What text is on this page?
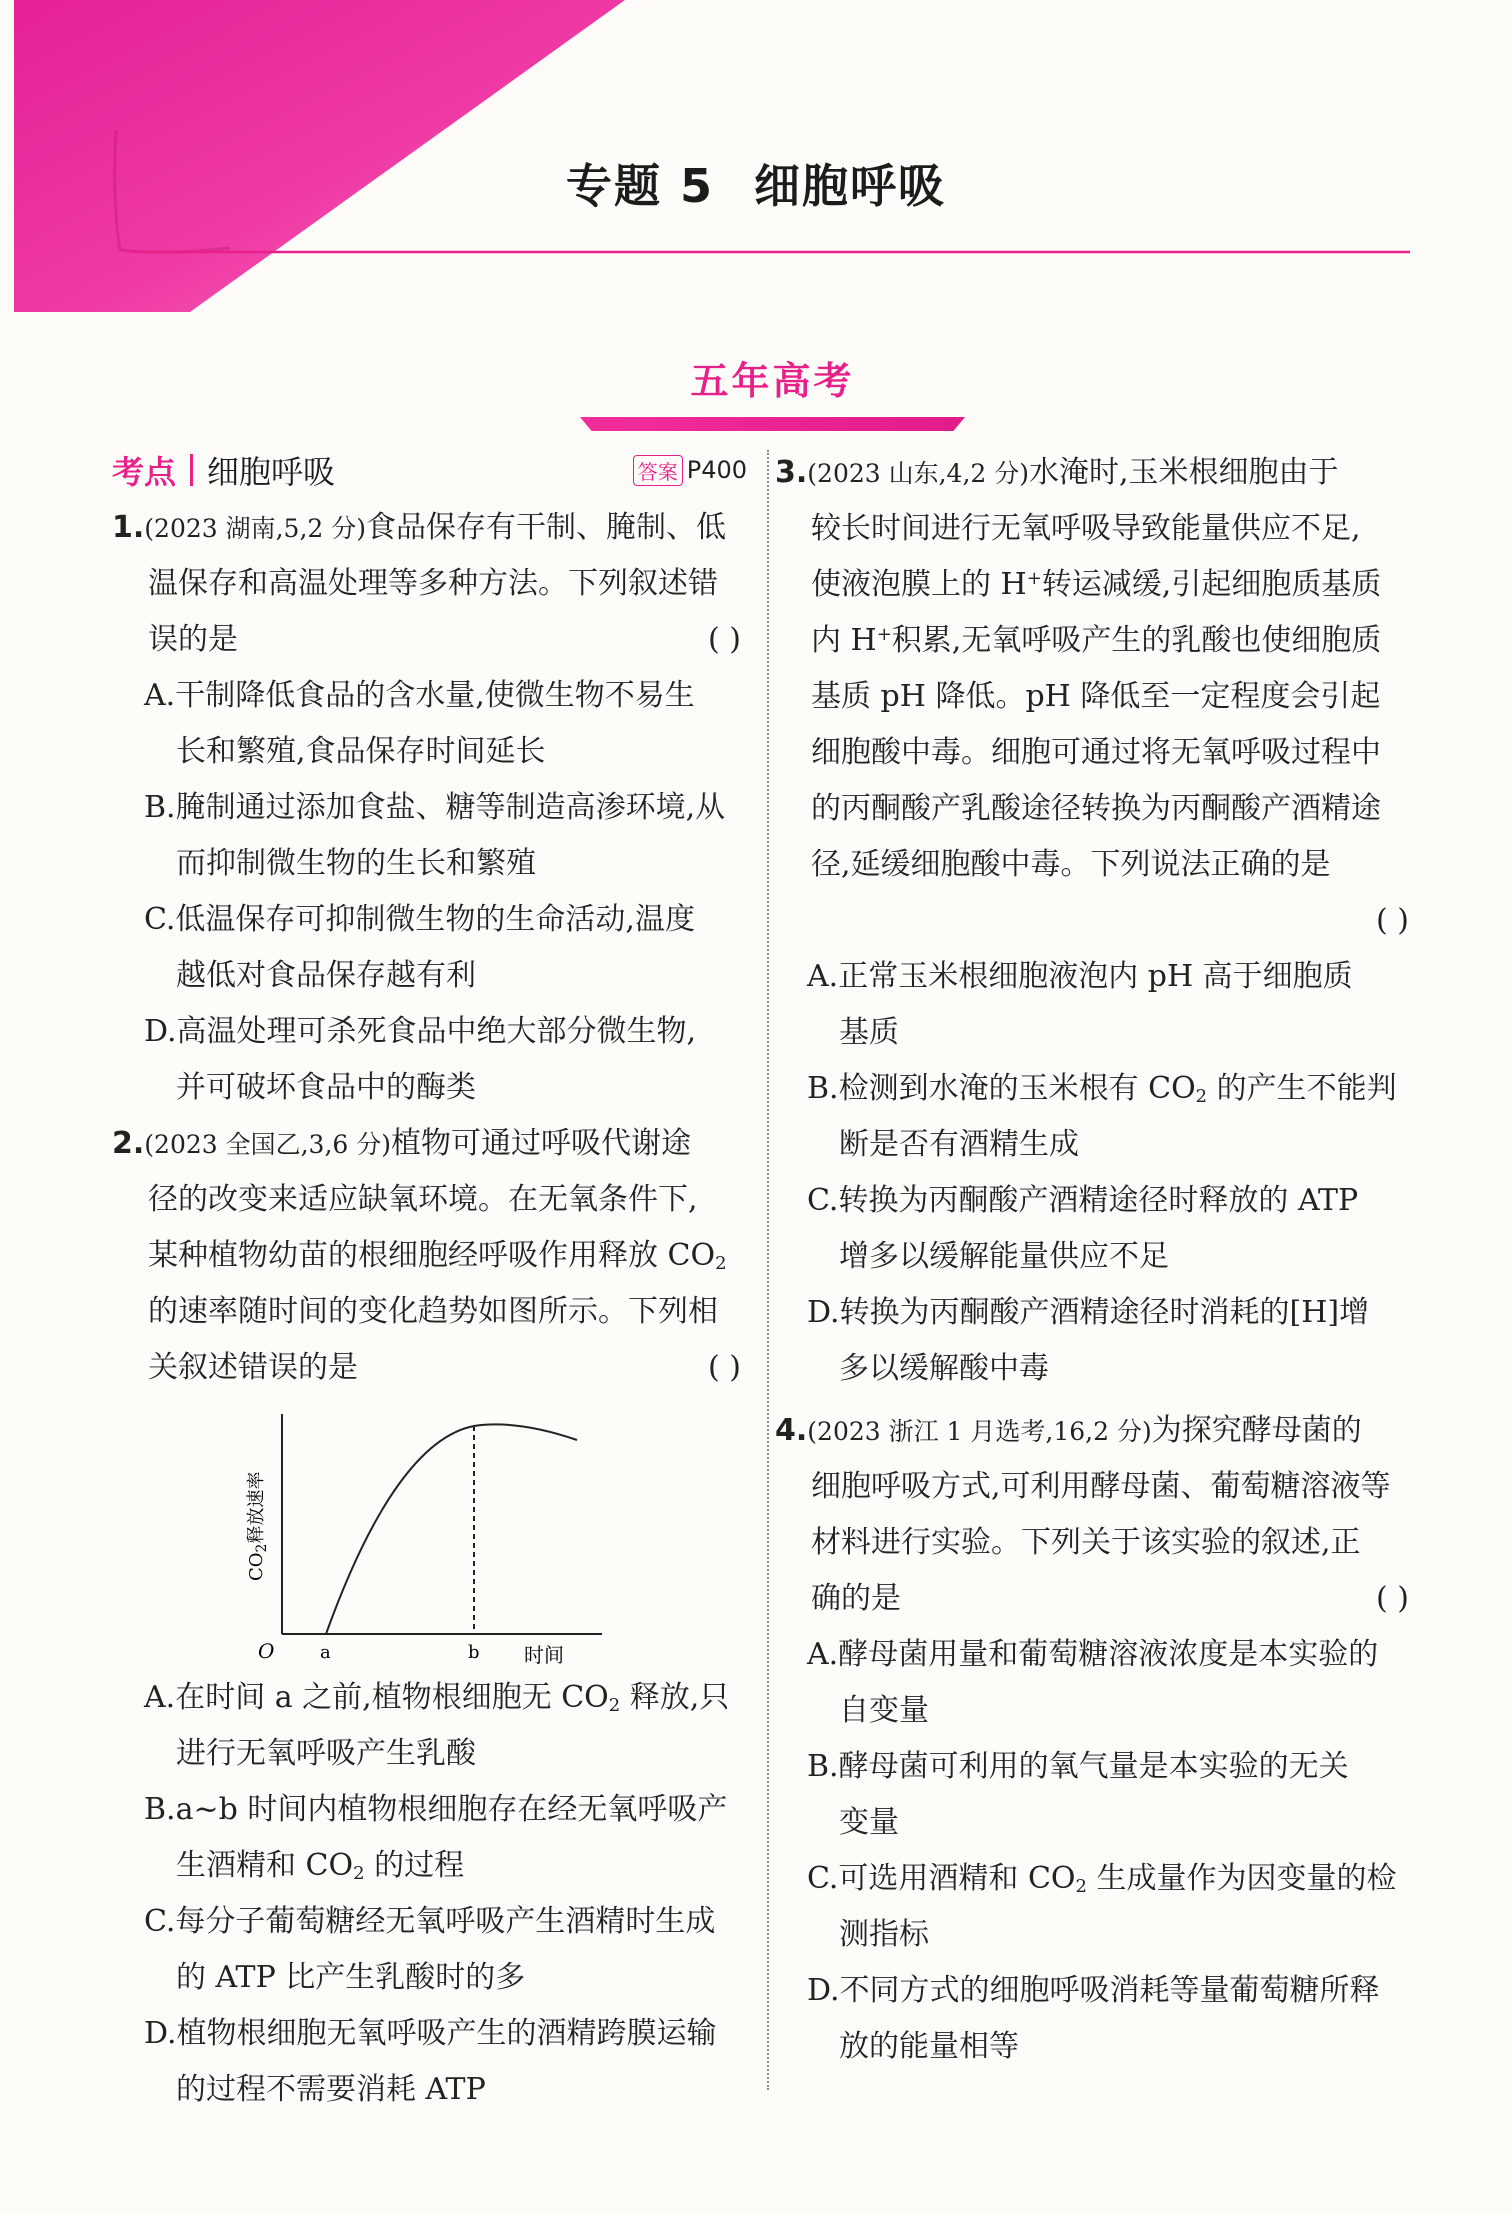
专题 5 细胞呼吸
五年高考
考点 细胞呼吸	答案 P400
1.(2023 湖南,5,2 分)食品保存有干制、腌制、低
温保存和高温处理等多种方法。下列叙述错
误的是	( )
A.干制降低食品的含水量,使微生物不易生
长和繁殖,食品保存时间延长
B.腌制通过添加食盐、糖等制造高渗环境,从
而抑制微生物的生长和繁殖
C.低温保存可抑制微生物的生命活动,温度
越低对食品保存越有利
D.高温处理可杀死食品中绝大部分微生物,
并可破坏食品中的酶类
2.(2023 全国乙,3,6 分)植物可通过呼吸代谢途
径的改变来适应缺氧环境。在无氧条件下,
某种植物幼苗的根细胞经呼吸作用释放 $CO_2$
的速率随时间的变化趋势如图所示。下列相
关叙述错误的是	( )
$CO_2$释放速率
O	a	b 时间
A.在时间 a 之前,植物根细胞无 $CO_2$ 释放,只
进行无氧呼吸产生乳酸
B.a~b 时间内植物根细胞存在经无氧呼吸产
生酒精和 $CO_2$ 的过程
C.每分子葡萄糖经无氧呼吸产生酒精时生成
的 ATP 比产生乳酸时的多
D.植物根细胞无氧呼吸产生的酒精跨膜运输
的过程不需要消耗 ATP
3.(2023 山东,4,2 分)水淹时,玉米根细胞由于
较长时间进行无氧呼吸导致能量供应不足,
使液泡膜上的 H+转运减缓,引起细胞质基质
内 H+积累,无氧呼吸产生的乳酸也使细胞质
基质 pH 降低。pH 降低至一定程度会引起
细胞酸中毒。细胞可通过将无氧呼吸过程中
的丙酮酸产乳酸途径转换为丙酮酸产酒精途
径,延缓细胞酸中毒。下列说法正确的是
( )
A.正常玉米根细胞液泡内 pH 高于细胞质
基质
B.检测到水淹的玉米根有 $CO_2$ 的产生不能判
断是否有酒精生成
C.转换为丙酮酸产酒精途径时释放的 ATP
增多以缓解能量供应不足
D.转换为丙酮酸产酒精途径时消耗的[H]增
多以缓解酸中毒
4.(2023 浙江 1 月选考,16,2 分)为探究酵母菌的
细胞呼吸方式,可利用酵母菌、葡萄糖溶液等
材料进行实验。下列关于该实验的叙述,正
确的是	( )
A.酵母菌用量和葡萄糖溶液浓度是本实验的
自变量
B.酵母菌可利用的氧气量是本实验的无关
变量
C.可选用酒精和 $CO_2$ 生成量作为因变量的检
测指标
D.不同方式的细胞呼吸消耗等量葡萄糖所释
放的能量相等
